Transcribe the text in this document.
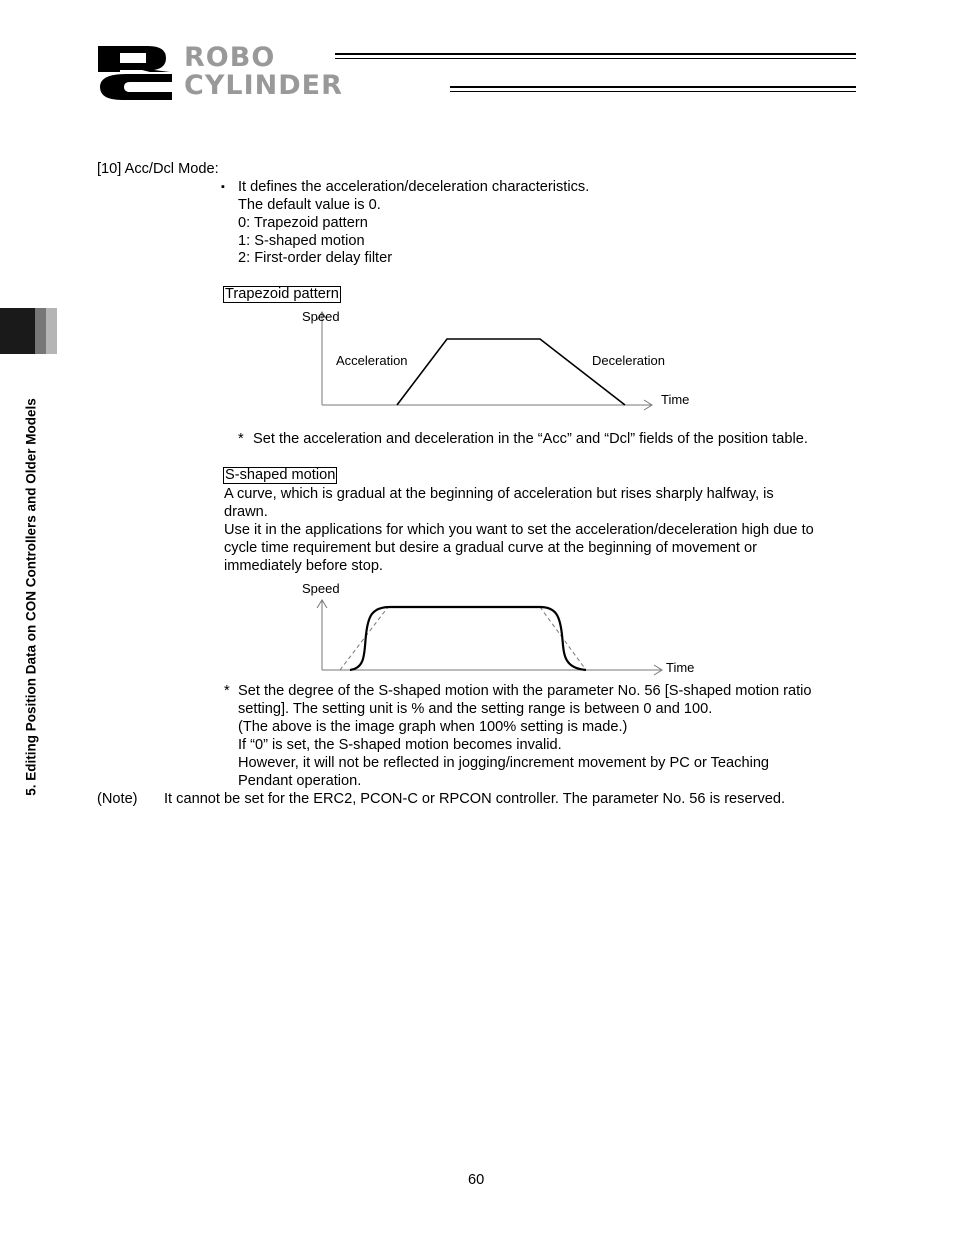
ROBO
CYLINDER
5. Editing Position Data on CON Controllers and Older Models
[10] Acc/Dcl Mode:
▪ It defines the acceleration/deceleration characteristics.
The default value is 0.
0: Trapezoid pattern
1: S-shaped motion
2: First-order delay filter
Trapezoid pattern
Speed
Acceleration	Deceleration
Time
* Set the acceleration and deceleration in the “Acc” and “Dcl” fields of the position table.
S-shaped motion
A curve, which is gradual at the beginning of acceleration but rises sharply halfway, is
drawn.
Use it in the applications for which you want to set the acceleration/deceleration high due to
cycle time requirement but desire a gradual curve at the beginning of movement or
immediately before stop.
Speed
Time
* Set the degree of the S-shaped motion with the parameter No. 56 [S-shaped motion ratio
setting]. The setting unit is % and the setting range is between 0 and 100.
(The above is the image graph when 100% setting is made.)
If “0” is set, the S-shaped motion becomes invalid.
However, it will not be reflected in jogging/increment movement by PC or Teaching
Pendant operation.
(Note) It cannot be set for the ERC2, PCON-C or RPCON controller. The parameter No. 56 is reserved.
60
